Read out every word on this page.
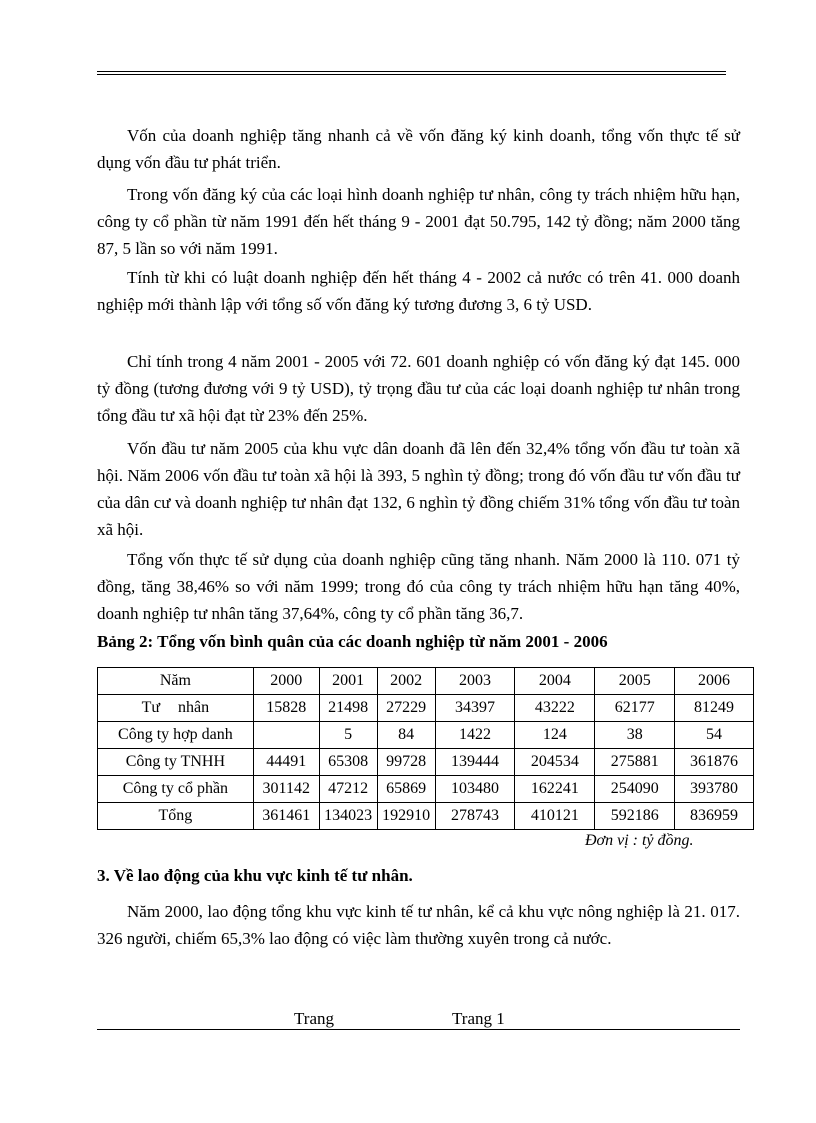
Vốn của doanh nghiệp tăng nhanh cả về vốn đăng ký kinh doanh, tổng vốn thực tế sử dụng vốn đầu tư phát triển.

Trong vốn đăng ký của các loại hình doanh nghiệp tư nhân, công ty trách nhiệm hữu hạn, công ty cổ phần từ năm 1991 đến hết tháng 9 - 2001 đạt 50.795, 142 tỷ đồng; năm 2000 tăng 87, 5 lần so với năm 1991.

Tính từ khi có luật doanh nghiệp đến hết tháng 4 - 2002 cả nước có trên 41. 000 doanh nghiệp mới thành lập với tổng số vốn đăng ký tương đương 3, 6 tỷ USD.

Chỉ tính trong 4 năm 2001 - 2005 với 72. 601 doanh nghiệp có vốn đăng ký đạt 145. 000 tỷ đồng (tương đương với 9 tỷ USD), tỷ trọng đầu tư của các loại doanh nghiệp tư nhân trong tổng đầu tư xã hội đạt từ 23% đến 25%.

Vốn đầu tư năm 2005 của khu vực dân doanh đã lên đến 32,4% tổng vốn đầu tư toàn xã hội. Năm 2006 vốn đầu tư toàn xã hội là 393, 5 nghìn tỷ đồng; trong đó vốn đầu tư vốn đầu tư của dân cư và doanh nghiệp tư nhân đạt 132, 6 nghìn tỷ đồng chiếm 31% tổng vốn đầu tư toàn xã hội.

Tổng vốn thực tế sử dụng của doanh nghiệp cũng tăng nhanh. Năm 2000 là 110. 071 tỷ đồng, tăng 38,46% so với năm 1999; trong đó của công ty trách nhiệm hữu hạn tăng 40%, doanh nghiệp tư nhân tăng 37,64%, công ty cổ phần tăng 36,7.

Bảng 2: Tổng vốn bình quân của các doanh nghiệp từ năm 2001 - 2006

Năm	2000	2001	2002	2003	2004	2005	2006
Tư nhân	15828	21498	27229	34397	43222	62177	81249
Công ty hợp danh		5	84	1422	124	38	54
Công ty TNHH	44491	65308	99728	139444	204534	275881	361876
Công ty cổ phần	301142	47212	65869	103480	162241	254090	393780
Tổng	361461	134023	192910	278743	410121	592186	836959
Đơn vị : tỷ đồng.

3. Về lao động của khu vực kinh tế tư nhân.

Năm 2000, lao động tổng khu vực kinh tế tư nhân, kể cả khu vực nông nghiệp là 21. 017. 326 người, chiếm 65,3% lao động có việc làm thường xuyên trong cả nước.

Trang	Trang 1
